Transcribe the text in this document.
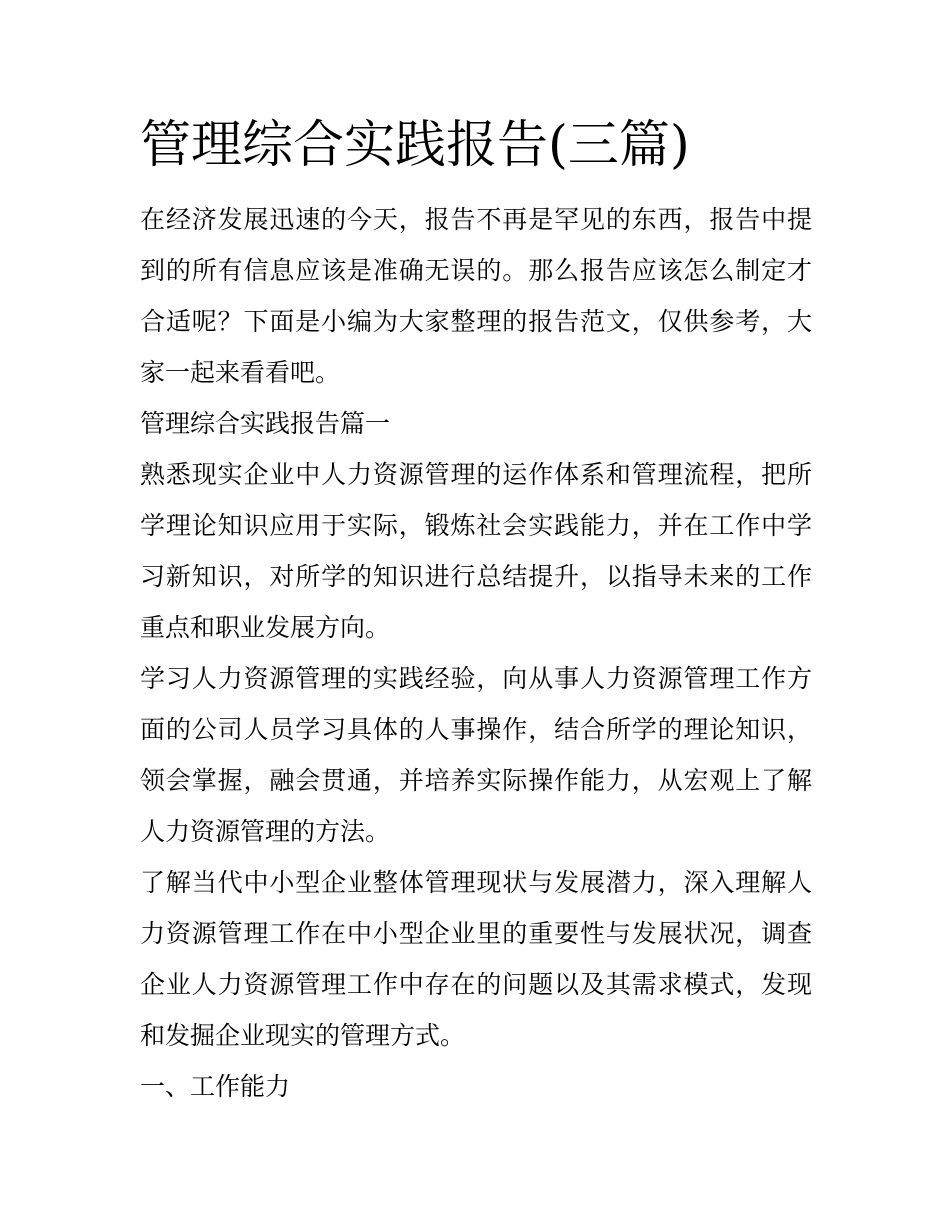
管理综合实践报告(三篇)

在经济发展迅速的今天，报告不再是罕见的东西，报告中提到的所有信息应该是准确无误的。那么报告应该怎么制定才合适呢？下面是小编为大家整理的报告范文，仅供参考，大家一起来看看吧。

管理综合实践报告篇一

熟悉现实企业中人力资源管理的运作体系和管理流程，把所学理论知识应用于实际，锻炼社会实践能力，并在工作中学习新知识，对所学的知识进行总结提升，以指导未来的工作重点和职业发展方向。

学习人力资源管理的实践经验，向从事人力资源管理工作方面的公司人员学习具体的人事操作，结合所学的理论知识，领会掌握，融会贯通，并培养实际操作能力，从宏观上了解人力资源管理的方法。

了解当代中小型企业整体管理现状与发展潜力，深入理解人力资源管理工作在中小型企业里的重要性与发展状况，调查企业人力资源管理工作中存在的问题以及其需求模式，发现和发掘企业现实的管理方式。

一、工作能力
